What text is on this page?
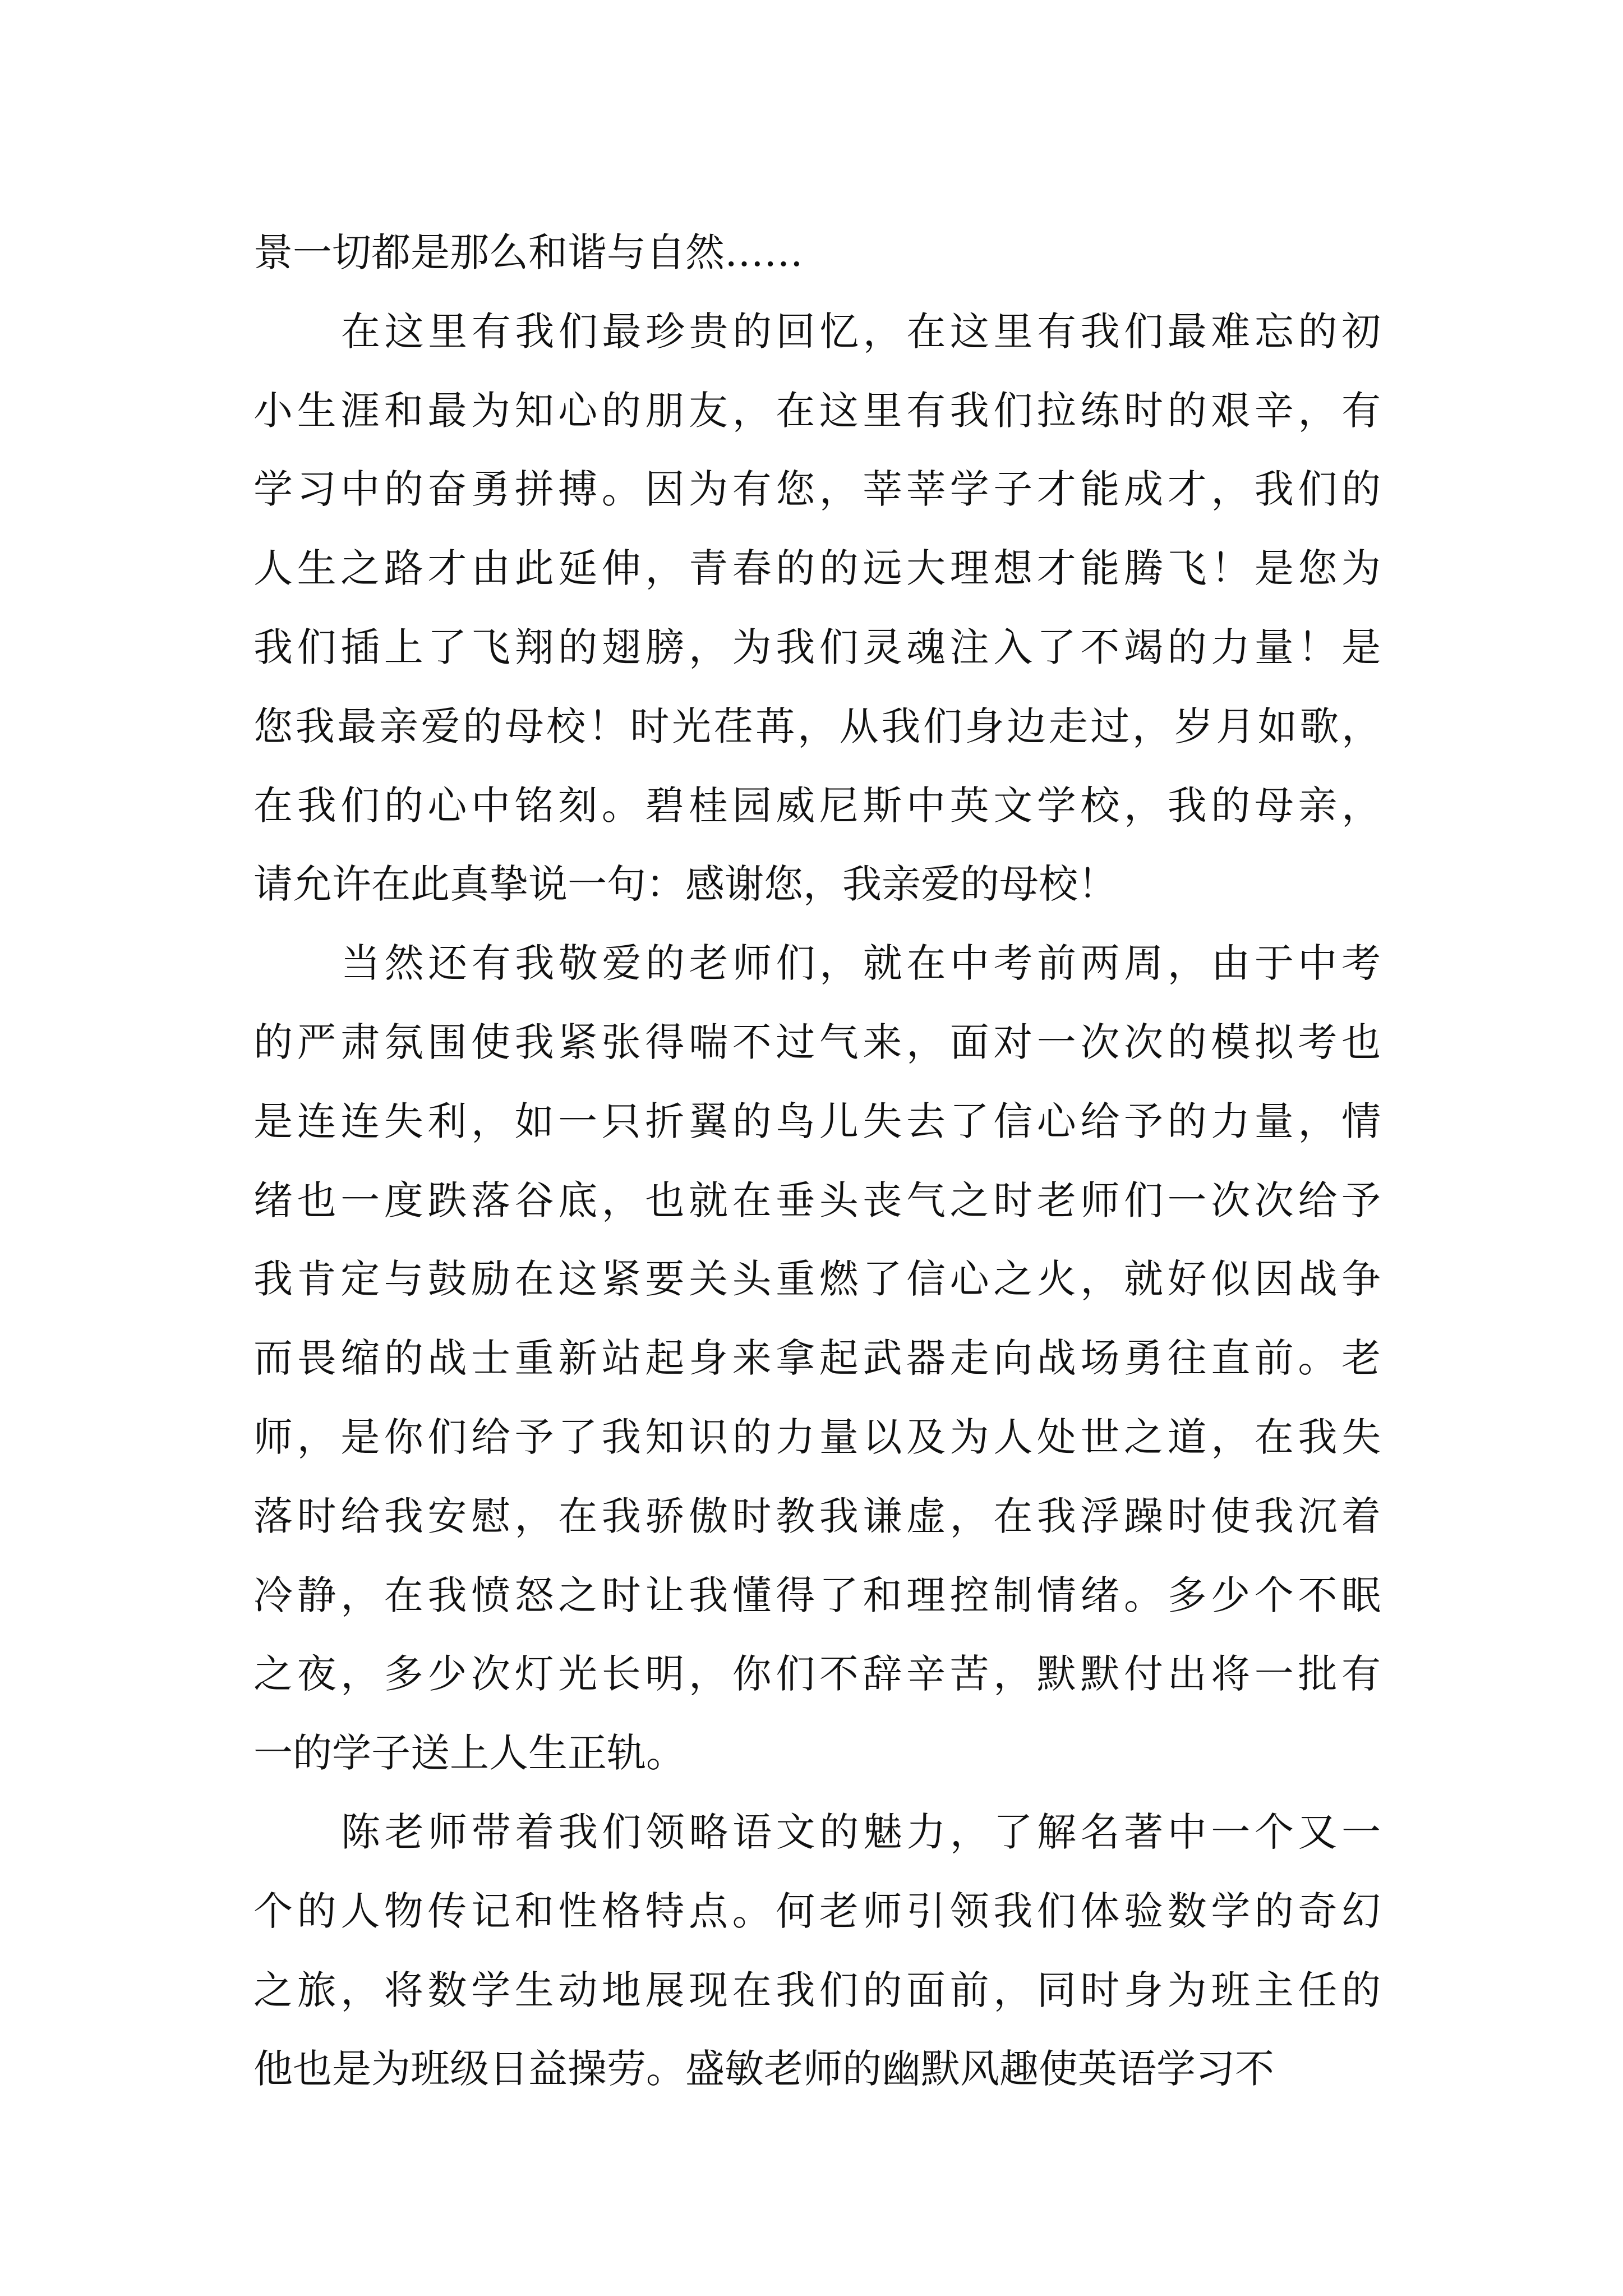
景一切都是那么和谐与自然……
在这里有我们最珍贵的回忆，在这里有我们最难忘的初
小生涯和最为知心的朋友，在这里有我们拉练时的艰辛，有
学习中的奋勇拼搏。因为有您，莘莘学子才能成才，我们的
人生之路才由此延伸，青春的的远大理想才能腾飞！是您为
我们插上了飞翔的翅膀，为我们灵魂注入了不竭的力量！是
您我最亲爱的母校！时光荏苒，从我们身边走过，岁月如歌，
在我们的心中铭刻。碧桂园威尼斯中英文学校，我的母亲，
请允许在此真挚说一句：感谢您，我亲爱的母校！
当然还有我敬爱的老师们，就在中考前两周，由于中考
的严肃氛围使我紧张得喘不过气来，面对一次次的模拟考也
是连连失利，如一只折翼的鸟儿失去了信心给予的力量，情
绪也一度跌落谷底，也就在垂头丧气之时老师们一次次给予
我肯定与鼓励在这紧要关头重燃了信心之火，就好似因战争
而畏缩的战士重新站起身来拿起武器走向战场勇往直前。老
师，是你们给予了我知识的力量以及为人处世之道，在我失
落时给我安慰，在我骄傲时教我谦虚，在我浮躁时使我沉着
冷静，在我愤怒之时让我懂得了和理控制情绪。多少个不眠
之夜，多少次灯光长明，你们不辞辛苦，默默付出将一批有
一的学子送上人生正轨。
陈老师带着我们领略语文的魅力，了解名著中一个又一
个的人物传记和性格特点。何老师引领我们体验数学的奇幻
之旅，将数学生动地展现在我们的面前，同时身为班主任的
他也是为班级日益操劳。盛敏老师的幽默风趣使英语学习不
